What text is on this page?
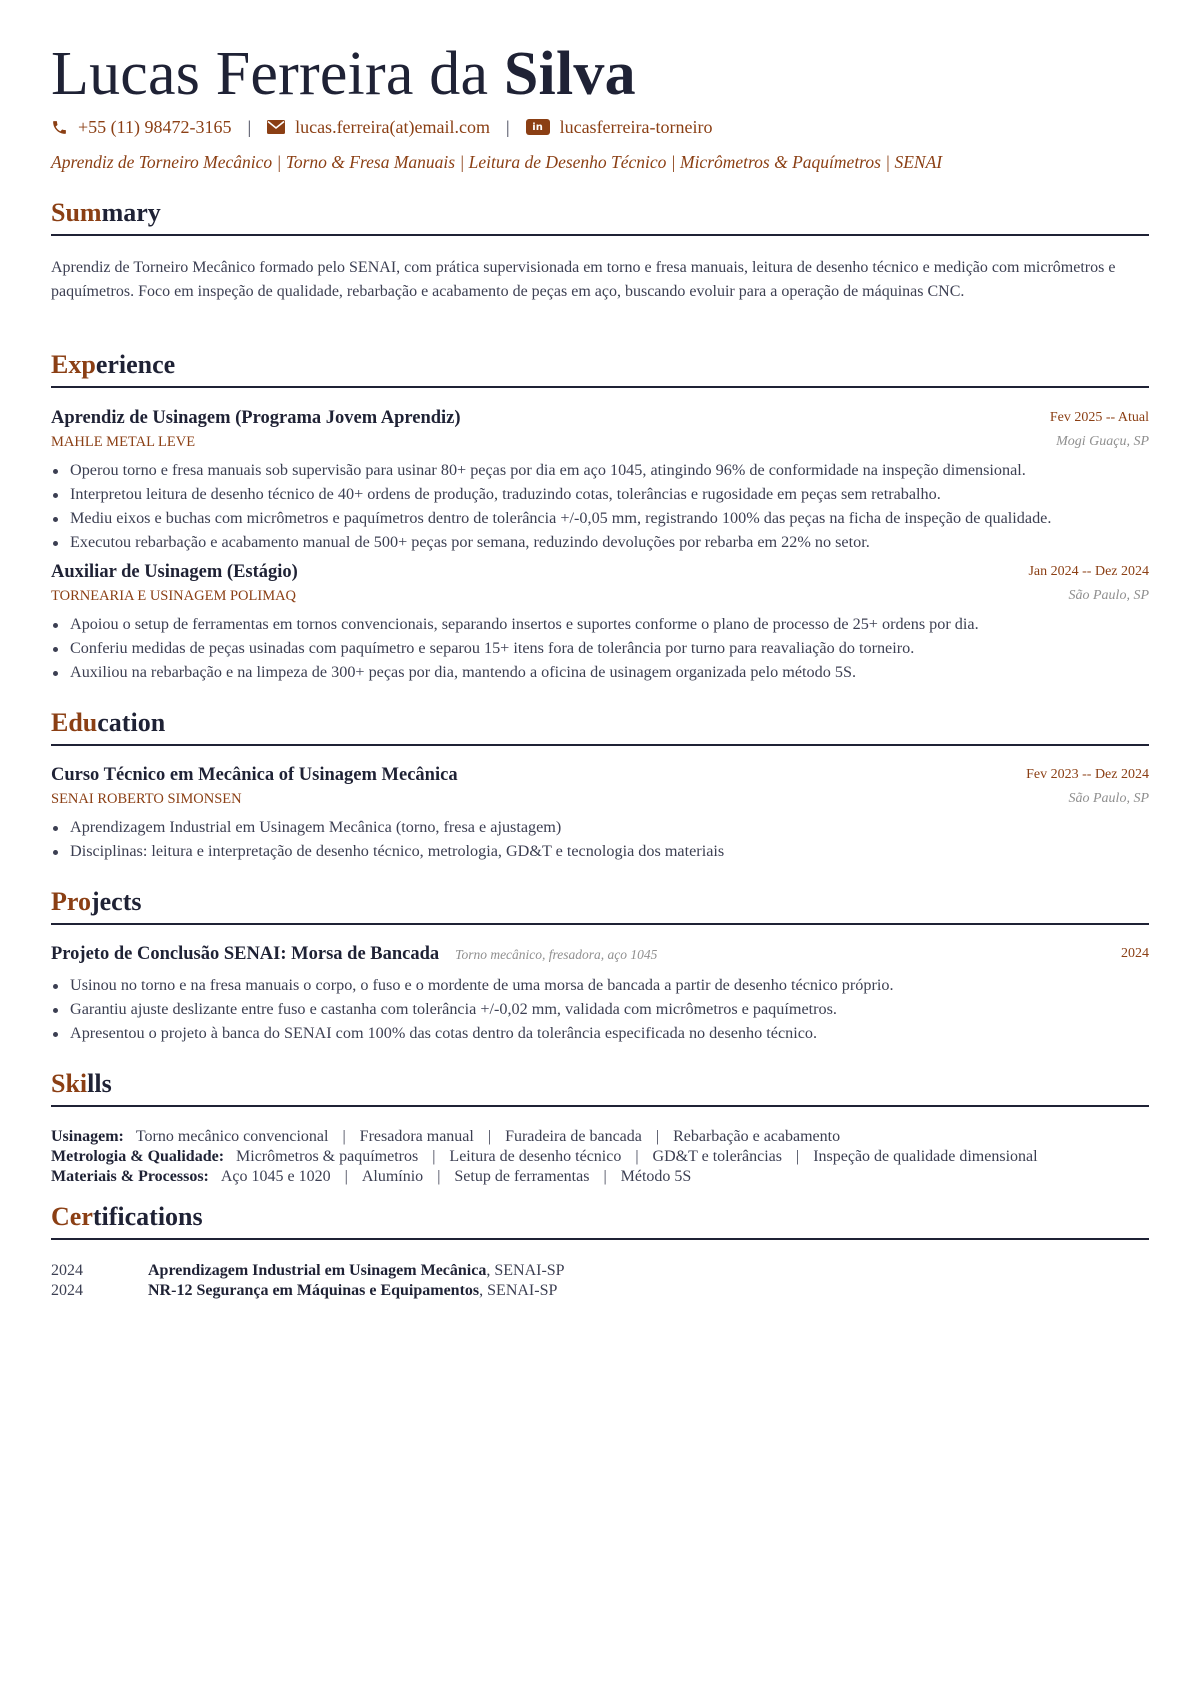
Lucas Ferreira da Silva
+55 (11) 98472-3165 | lucas.ferreira(at)email.com |	in lucasferreira-torneiro
Aprendiz de Torneiro Mecânico | Torno & Fresa Manuais | Leitura de Desenho Técnico | Micrômetros & Paquímetros | SENAI
Summary
Aprendiz de Torneiro Mecânico formado pelo SENAI, com prática supervisionada em torno e fresa manuais, leitura de desenho técnico e medição com micrômetros e paquímetros. Foco em inspeção de qualidade, rebarbação e acabamento de peças em aço, buscando evoluir para a operação de máquinas CNC.
Experience
Aprendiz de Usinagem (Programa Jovem Aprendiz)	Fev 2025 -- Atual
MAHLE METAL LEVE	Mogi Guaçu, SP
Operou torno e fresa manuais sob supervisão para usinar 80+ peças por dia em aço 1045, atingindo 96% de conformidade na inspeção dimensional.
Interpretou leitura de desenho técnico de 40+ ordens de produção, traduzindo cotas, tolerâncias e rugosidade em peças sem retrabalho.
Mediu eixos e buchas com micrômetros e paquímetros dentro de tolerância +/-0,05 mm, registrando 100% das peças na ficha de inspeção de qualidade.
Executou rebarbação e acabamento manual de 500+ peças por semana, reduzindo devoluções por rebarba em 22% no setor.
Auxiliar de Usinagem (Estágio)	Jan 2024 -- Dez 2024
TORNEARIA E USINAGEM POLIMAQ	São Paulo, SP
Apoiou o setup de ferramentas em tornos convencionais, separando insertos e suportes conforme o plano de processo de 25+ ordens por dia.
Conferiu medidas de peças usinadas com paquímetro e separou 15+ itens fora de tolerância por turno para reavaliação do torneiro.
Auxiliou na rebarbação e na limpeza de 300+ peças por dia, mantendo a oficina de usinagem organizada pelo método 5S.
Education
Curso Técnico em Mecânica of Usinagem Mecânica	Fev 2023 -- Dez 2024
SENAI ROBERTO SIMONSEN	São Paulo, SP
Aprendizagem Industrial em Usinagem Mecânica (torno, fresa e ajustagem)
Disciplinas: leitura e interpretação de desenho técnico, metrologia, GD&T e tecnologia dos materiais
Projects
Projeto de Conclusão SENAI: Morsa de Bancada Torno mecânico, fresadora, aço 1045	2024
Usinou no torno e na fresa manuais o corpo, o fuso e o mordente de uma morsa de bancada a partir de desenho técnico próprio.
Garantiu ajuste deslizante entre fuso e castanha com tolerância +/-0,02 mm, validada com micrômetros e paquímetros.
Apresentou o projeto à banca do SENAI com 100% das cotas dentro da tolerância especificada no desenho técnico.
Skills
Usinagem: Torno mecânico convencional | Fresadora manual | Furadeira de bancada | Rebarbação e acabamento
Metrologia & Qualidade: Micrômetros & paquímetros | Leitura de desenho técnico | GD&T e tolerâncias | Inspeção de qualidade dimensional
Materiais & Processos: Aço 1045 e 1020 | Alumínio | Setup de ferramentas | Método 5S
Certifications
2024	Aprendizagem Industrial em Usinagem Mecânica, SENAI-SP
2024	NR-12 Segurança em Máquinas e Equipamentos, SENAI-SP
